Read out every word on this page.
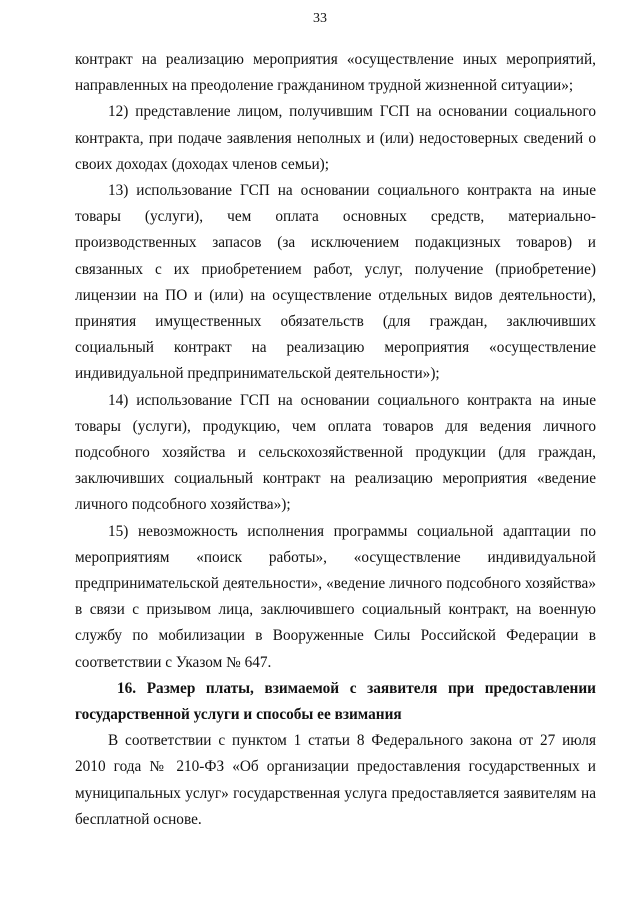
33

контракт на реализацию мероприятия «осуществление иных мероприятий, направленных на преодоление гражданином трудной жизненной ситуации»;

12) представление лицом, получившим ГСП на основании социального контракта, при подаче заявления неполных и (или) недостоверных сведений о своих доходах (доходах членов семьи);

13) использование ГСП на основании социального контракта на иные товары (услуги), чем оплата основных средств, материально-производственных запасов (за исключением подакцизных товаров) и связанных с их приобретением работ, услуг, получение (приобретение) лицензии на ПО и (или) на осуществление отдельных видов деятельности), принятия имущественных обязательств (для граждан, заключивших социальный контракт на реализацию мероприятия «осуществление индивидуальной предпринимательской деятельности»);

14) использование ГСП на основании социального контракта на иные товары (услуги), продукцию, чем оплата товаров для ведения личного подсобного хозяйства и сельскохозяйственной продукции (для граждан, заключивших социальный контракт на реализацию мероприятия «ведение личного подсобного хозяйства»);

15) невозможность исполнения программы социальной адаптации по мероприятиям «поиск работы», «осуществление индивидуальной предпринимательской деятельности», «ведение личного подсобного хозяйства» в связи с призывом лица, заключившего социальный контракт, на военную службу по мобилизации в Вооруженные Силы Российской Федерации в соответствии с Указом № 647.

16. Размер платы, взимаемой с заявителя при предоставлении государственной услуги и способы ее взимания

В соответствии с пунктом 1 статьи 8 Федерального закона от 27 июля 2010 года № 210-ФЗ «Об организации предоставления государственных и муниципальных услуг» государственная услуга предоставляется заявителям на бесплатной основе.
